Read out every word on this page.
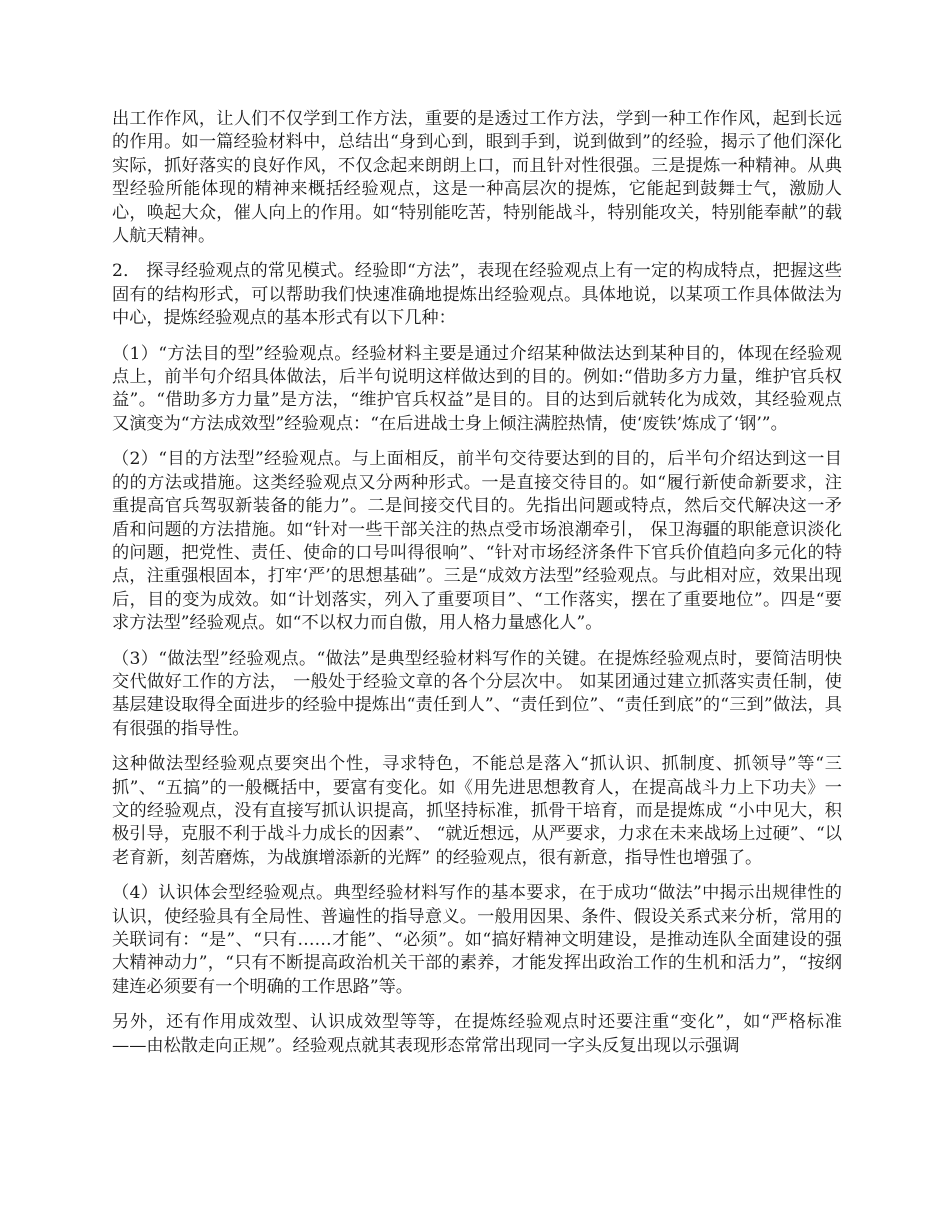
出工作作风，让人们不仅学到工作方法，重要的是透过工作方法，学到一种工作作风，起到长远的作用。如一篇经验材料中，总结出“身到心到，眼到手到，说到做到”的经验，揭示了他们深化实际，抓好落实的良好作风，不仅念起来朗朗上口，而且针对性很强。三是提炼一种精神。从典型经验所能体现的精神来概括经验观点，这是一种高层次的提炼，它能起到鼓舞士气，激励人心，唤起大众，催人向上的作用。如“特别能吃苦，特别能战斗，特别能攻关，特别能奉献”的载人航天精神。

2． 探寻经验观点的常见模式。经验即“方法”，表现在经验观点上有一定的构成特点，把握这些固有的结构形式，可以帮助我们快速准确地提炼出经验观点。具体地说，以某项工作具体做法为中心，提炼经验观点的基本形式有以下几种：

（1）“方法目的型”经验观点。经验材料主要是通过介绍某种做法达到某种目的，体现在经验观点上，前半句介绍具体做法，后半句说明这样做达到的目的。例如:“借助多方力量，维护官兵权益”。“借助多方力量”是方法，“维护官兵权益”是目的。目的达到后就转化为成效，其经验观点又演变为“方法成效型”经验观点：“在后进战士身上倾注满腔热情，使‘废铁’炼成了‘钢’”。

（2）“目的方法型”经验观点。与上面相反，前半句交待要达到的目的，后半句介绍达到这一目的的方法或措施。这类经验观点又分两种形式。一是直接交待目的。如“履行新使命新要求，注重提高官兵驾驭新装备的能力”。二是间接交代目的。先指出问题或特点，然后交代解决这一矛盾和问题的方法措施。如“针对一些干部关注的热点受市场浪潮牵引， 保卫海疆的职能意识淡化的问题，把党性、责任、使命的口号叫得很响”、“针对市场经济条件下官兵价值趋向多元化的特点，注重强根固本，打牢‘严’的思想基础”。三是“成效方法型”经验观点。与此相对应，效果出现后，目的变为成效。如“计划落实，列入了重要项目”、“工作落实，摆在了重要地位”。四是“要求方法型”经验观点。如“不以权力而自傲，用人格力量感化人”。

（3）“做法型”经验观点。“做法”是典型经验材料写作的关键。在提炼经验观点时，要简洁明快交代做好工作的方法， 一般处于经验文章的各个分层次中。 如某团通过建立抓落实责任制，使基层建设取得全面进步的经验中提炼出“责任到人”、“责任到位”、“责任到底”的“三到”做法，具有很强的指导性。

这种做法型经验观点要突出个性，寻求特色，不能总是落入“抓认识、抓制度、抓领导”等“三抓”、“五搞”的一般概括中，要富有变化。如《用先进思想教育人，在提高战斗力上下功夫》一文的经验观点，没有直接写抓认识提高，抓坚持标准，抓骨干培育，而是提炼成 “小中见大，积极引导，克服不利于战斗力成长的因素”、 “就近想远，从严要求，力求在未来战场上过硬”、“以老育新，刻苦磨炼，为战旗增添新的光辉” 的经验观点，很有新意，指导性也增强了。

（4）认识体会型经验观点。典型经验材料写作的基本要求，在于成功“做法”中揭示出规律性的认识，使经验具有全局性、普遍性的指导意义。一般用因果、条件、假设关系式来分析，常用的关联词有：“是”、“只有……才能”、“必须”。如“搞好精神文明建设，是推动连队全面建设的强大精神动力”，“只有不断提高政治机关干部的素养，才能发挥出政治工作的生机和活力”，“按纲建连必须要有一个明确的工作思路”等。

另外，还有作用成效型、认识成效型等等，在提炼经验观点时还要注重“变化”，如“严格标准——由松散走向正规”。经验观点就其表现形态常常出现同一字头反复出现以示强调
